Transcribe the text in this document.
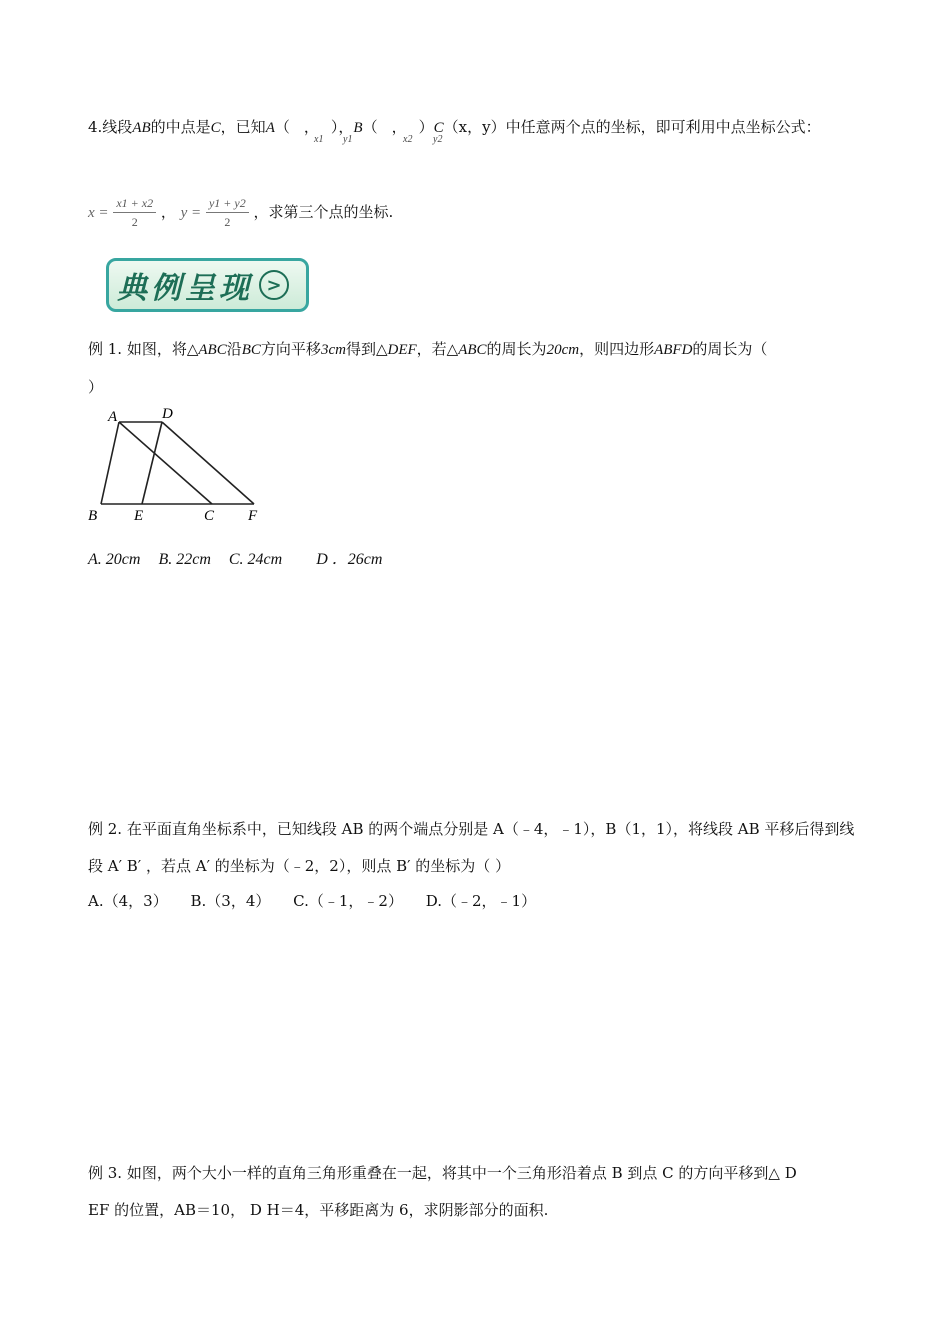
4.线段AB的中点是C，已知A（ ， ），B（ ， ）C（x，y）中任意两个点的坐标，即可利用中点坐标公式：
x1 y1	x2 y2
$x = \frac{x1 + x2}{2}$ ， $y = \frac{y1 + y2}{2}$ ，求第三个点的坐标.
典例呈现 >
例 1. 如图，将△ABC沿BC方向平移3cm得到△DEF，若△ABC的周长为20cm，则四边形ABFD的周长为（
）
A	D
B E	C F
A. 20cm B. 22cm C. 24cm D ．26cm
例 2. 在平面直角坐标系中，已知线段 AB 的两个端点分别是 A（﹣4，﹣1），B（1，1），将线段 AB 平移后得到线
段 A′ B′ ，若点 A′ 的坐标为（﹣2，2），则点 B′ 的坐标为（ ）
A.（4，3） B.（3，4） C.（﹣1，﹣2） D.（﹣2，﹣1）
例 3. 如图，两个大小一样的直角三角形重叠在一起，将其中一个三角形沿着点 B 到点 C 的方向平移到△ D
EF 的位置，AB＝10， D H＝4，平移距离为 6，求阴影部分的面积.
